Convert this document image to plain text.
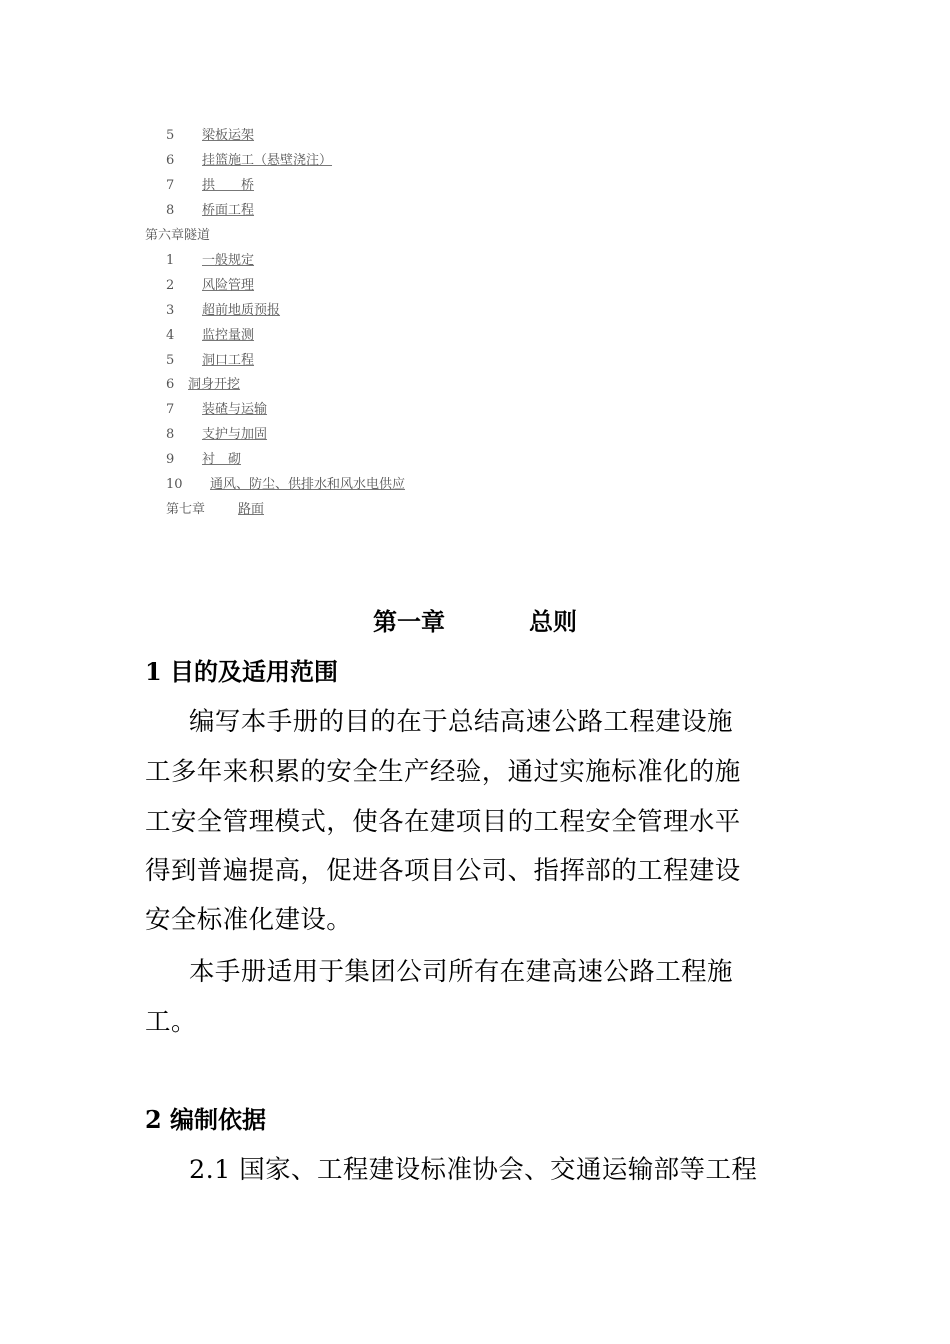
5 梁板运架
6 挂篮施工（悬壁浇注）
7 拱　　桥
8 桥面工程
第六章隧道
1 一般规定
2 风险管理
3 超前地质预报
4 监控量测
5 洞口工程
6 洞身开挖
7 装碴与运输
8 支护与加固
9 衬　砌
10 通风、防尘、供排水和风水电供应
第七章	路面
第一章	总则
1 目的及适用范围
编写本手册的目的在于总结高速公路工程建设施
工多年来积累的安全生产经验，通过实施标准化的施
工安全管理模式，使各在建项目的工程安全管理水平
得到普遍提高，促进各项目公司、指挥部的工程建设
安全标准化建设。
本手册适用于集团公司所有在建高速公路工程施
工。
2 编制依据
2.1 国家、工程建设标准协会、交通运输部等工程
